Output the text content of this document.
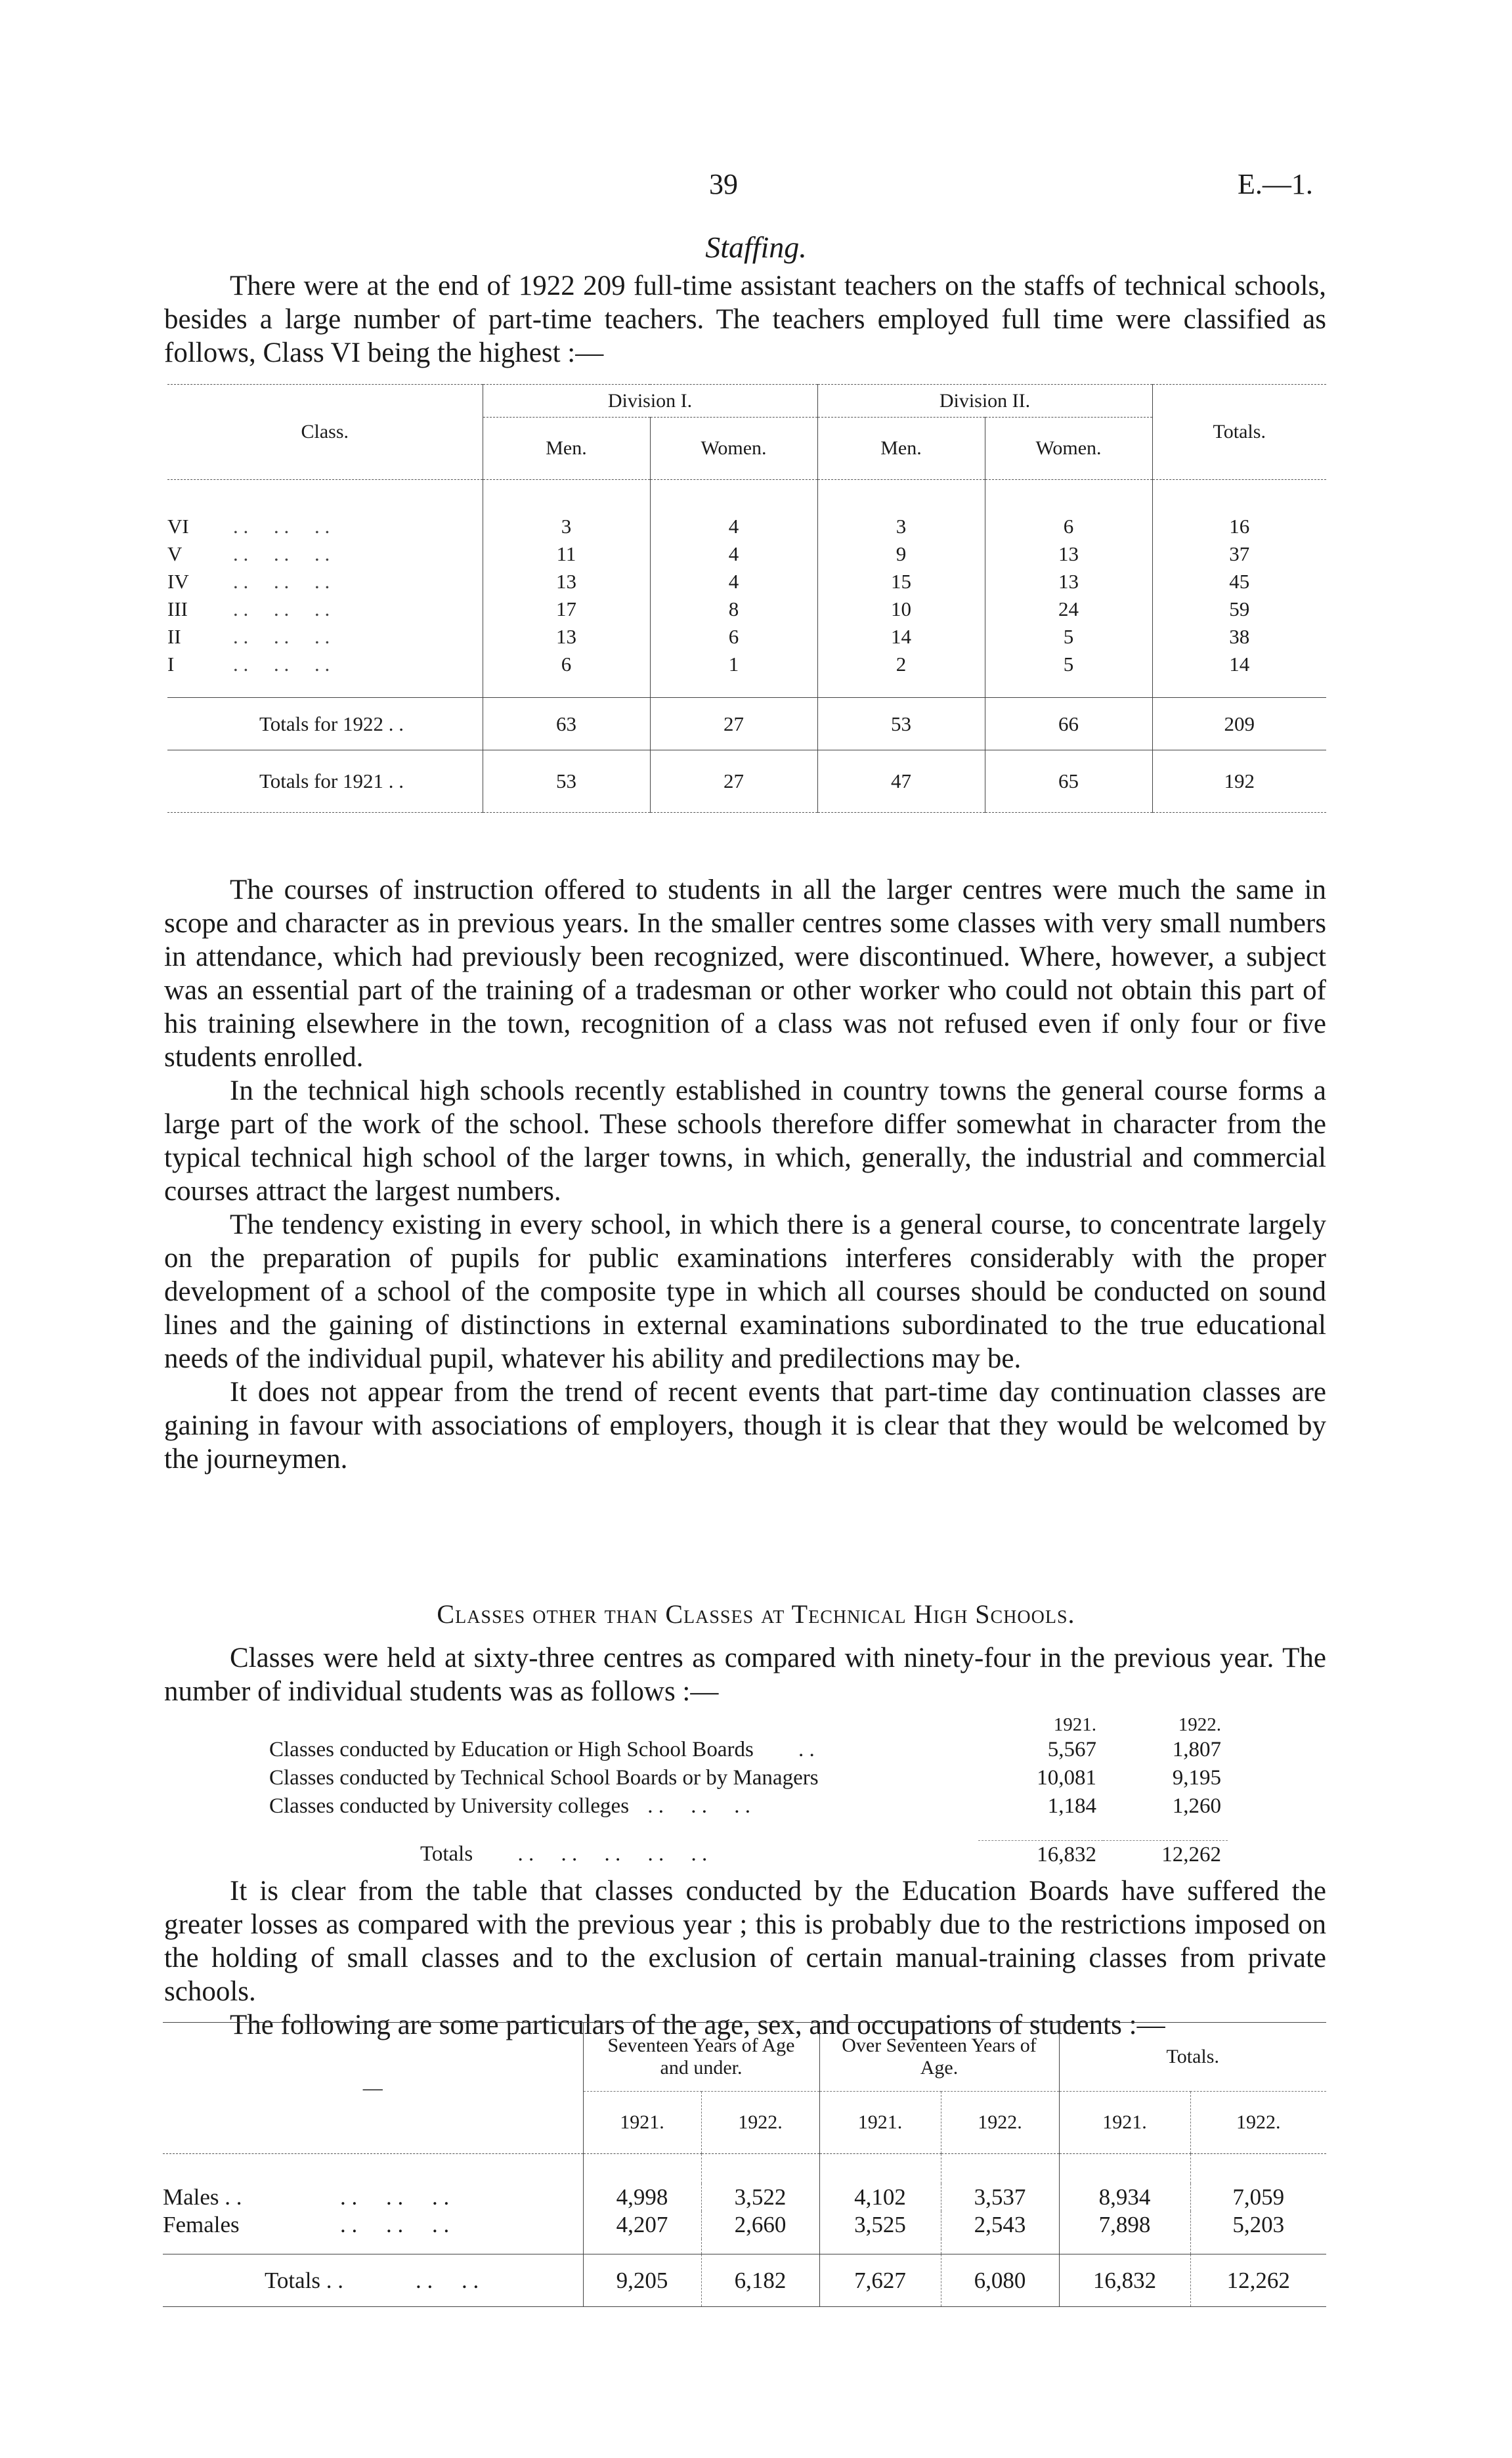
39	E.—1.
Staffing.

There were at the end of 1922 209 full-time assistant teachers on the staffs of technical schools, besides a large number of part-time teachers. The teachers employed full time were classified as follows, Class VI being the highest :—

Class.	Division I.		Division II.		Totals.
	Men.	Women.	Men.	Women.	

VI . .     . .     . .	3	4	3	6	16
V . .     . .     . .	11	4	9	13	37
IV . .     . .     . .	13	4	15	13	45
III . .     . .     . .	17	8	10	24	59
II . .     . .     . .	13	6	14	5	38
I . .     . .     . .	6	1	2	5	14

Totals for 1922 . .	63	27	53	66	209
Totals for 1921 . .	53	27	47	65	192

The courses of instruction offered to students in all the larger centres were much the same in scope and character as in previous years. In the smaller centres some classes with very small numbers in attendance, which had previously been recognized, were discontinued. Where, however, a subject was an essential part of the training of a tradesman or other worker who could not obtain this part of his training elsewhere in the town, recognition of a class was not refused even if only four or five students enrolled.

In the technical high schools recently established in country towns the general course forms a large part of the work of the school. These schools therefore differ somewhat in character from the typical technical high school of the larger towns, in which, generally, the industrial and commercial courses attract the largest numbers.

The tendency existing in every school, in which there is a general course, to concentrate largely on the preparation of pupils for public examinations interferes considerably with the proper development of a school of the composite type in which all courses should be conducted on sound lines and the gaining of distinctions in external examinations subordinated to the true educational needs of the individual pupil, whatever his ability and predilections may be.

It does not appear from the trend of recent events that part-time day continuation classes are gaining in favour with associations of employers, though it is clear that they would be welcomed by the journeymen.

Classes other than Classes at Technical High Schools.

Classes were held at sixty-three centres as compared with ninety-four in the previous year. The number of individual students was as follows :—

	1921.	1922.
Classes conducted by Education or High School Boards . .	5,567	1,807
Classes conducted by Technical School Boards or by Managers	10,081	9,195
Classes conducted by University colleges . .     . .     . .	1,184	1,260

Totals . .     . .     . .     . .     . .	16,832	12,262

It is clear from the table that classes conducted by the Education Boards have suffered the greater losses as compared with the previous year ; this is probably due to the restrictions imposed on the holding of small classes and to the exclusion of certain manual-training classes from private schools.

The following are some particulars of the age, sex, and occupations of students :—

—	Seventeen Years of Age and under.		Over Seventeen Years of Age.		Totals.	
	1921.	1922.	1921.	1922.	1921.	1922.

Males . . . .     . .     . .	4,998	3,522	4,102	3,537	8,934	7,059
Females . .     . .     . .	4,207	2,660	3,525	2,543	7,898	5,203

Totals . . . .     . .	9,205	6,182	7,627	6,080	16,832	12,262
